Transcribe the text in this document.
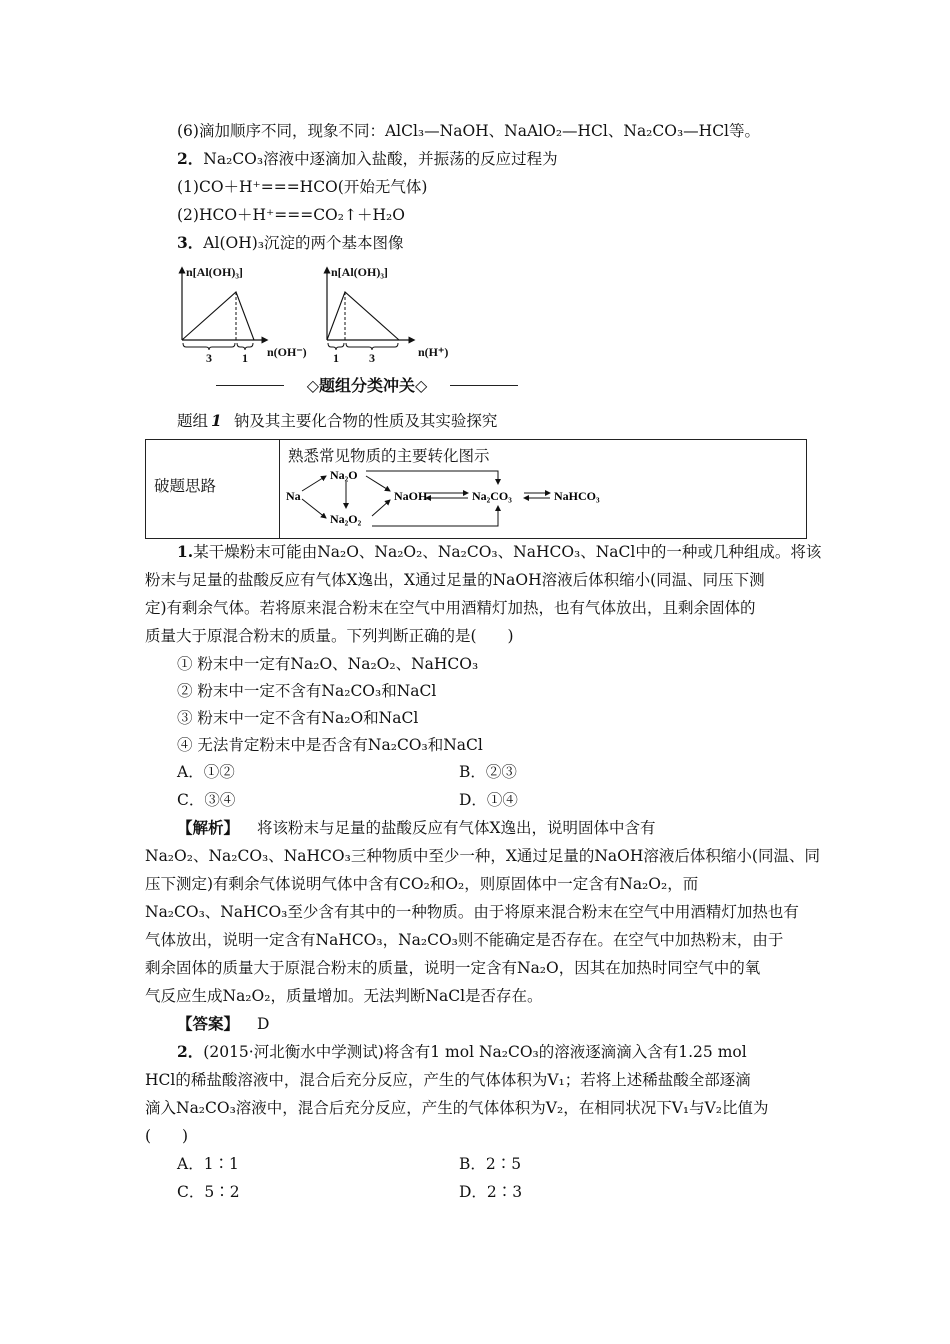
(6)滴加顺序不同，现象不同：AlCl₃—NaOH、NaAlO₂—HCl、Na₂CO₃—HCl等。
2．Na₂CO₃溶液中逐滴加入盐酸，并振荡的反应过程为
(1)CO＋H⁺===HCO(开始无气体)
(2)HCO＋H⁺===CO₂↑＋H₂O
3．Al(OH)₃沉淀的两个基本图像
n[Al(OH)₃]
n(OH⁻)
3	1
n[Al(OH)₃]
n(H⁺)
1	3
◇题组分类冲关◇
题组 1 钠及其主要化合物的性质及其实验探究
破题思路
熟悉常见物质的主要转化图示
Na
Na₂O
Na₂O₂
NaOH	Na₂CO₃	NaHCO₃
1.某干燥粉末可能由Na₂O、Na₂O₂、Na₂CO₃、NaHCO₃、NaCl中的一种或几种组成。将该
粉末与足量的盐酸反应有气体X逸出，X通过足量的NaOH溶液后体积缩小(同温、同压下测
定)有剩余气体。若将原来混合粉末在空气中用酒精灯加热，也有气体放出，且剩余固体的
质量大于原混合粉末的质量。下列判断正确的是(　　)
① 粉末中一定有Na₂O、Na₂O₂、NaHCO₃
② 粉末中一定不含有Na₂CO₃和NaCl
③ 粉末中一定不含有Na₂O和NaCl
④ 无法肯定粉末中是否含有Na₂CO₃和NaCl
A．①②	B．②③
C．③④	D．①④
【解析】 将该粉末与足量的盐酸反应有气体X逸出，说明固体中含有
Na₂O₂、Na₂CO₃、NaHCO₃三种物质中至少一种，X通过足量的NaOH溶液后体积缩小(同温、同
压下测定)有剩余气体说明气体中含有CO₂和O₂，则原固体中一定含有Na₂O₂，而
Na₂CO₃、NaHCO₃至少含有其中的一种物质。由于将原来混合粉末在空气中用酒精灯加热也有
气体放出，说明一定含有NaHCO₃，Na₂CO₃则不能确定是否存在。在空气中加热粉末，由于
剩余固体的质量大于原混合粉末的质量，说明一定含有Na₂O，因其在加热时同空气中的氧
气反应生成Na₂O₂，质量增加。无法判断NaCl是否存在。
【答案】 D
2．(2015·河北衡水中学测试)将含有1 mol Na₂CO₃的溶液逐滴滴入含有1.25 mol
HCl的稀盐酸溶液中，混合后充分反应，产生的气体体积为V₁；若将上述稀盐酸全部逐滴
滴入Na₂CO₃溶液中，混合后充分反应，产生的气体体积为V₂，在相同状况下V₁与V₂比值为
(　　)
A．1∶1	B．2∶5
C．5∶2	D．2∶3
